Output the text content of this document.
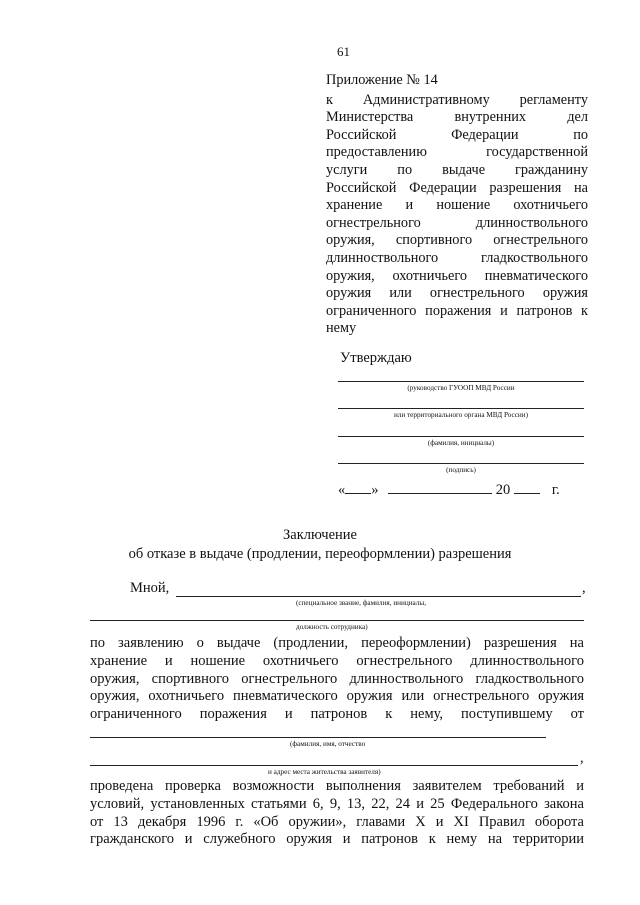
61
Приложение № 14
к Административному регламенту
Министерства внутренних дел
Российской Федерации по
предоставлению государственной
услуги по выдаче гражданину
Российской Федерации разрешения на
хранение и ношение охотничьего
огнестрельного длинноствольного
оружия, спортивного огнестрельного
длинноствольного гладкоствольного
оружия, охотничьего пневматического
оружия или огнестрельного оружия
ограниченного поражения и патронов к
нему
Утверждаю
(руководство ГУООП МВД России
или территориального органа МВД России)
(фамилия, инициалы)
(подпись)
« »	20	г.
Заключение
об отказе в выдаче (продлении, переоформлении) разрешения
Мной,	,
(специальное звание, фамилия, инициалы,
должность сотрудника)
по заявлению о выдаче (продлении, переоформлении) разрешения на
хранение и ношение охотничьего огнестрельного длинноствольного
оружия, спортивного огнестрельного длинноствольного гладкоствольного
оружия, охотничьего пневматического оружия или огнестрельного оружия
ограниченного поражения и патронов к нему, поступившему от
(фамилия, имя, отчество
,
и адрес места жительства заявителя)
проведена проверка возможности выполнения заявителем требований и
условий, установленных статьями 6, 9, 13, 22, 24 и 25 Федерального закона
от 13 декабря 1996 г. «Об оружии», главами X и XI Правил оборота
гражданского и служебного оружия и патронов к нему на территории
